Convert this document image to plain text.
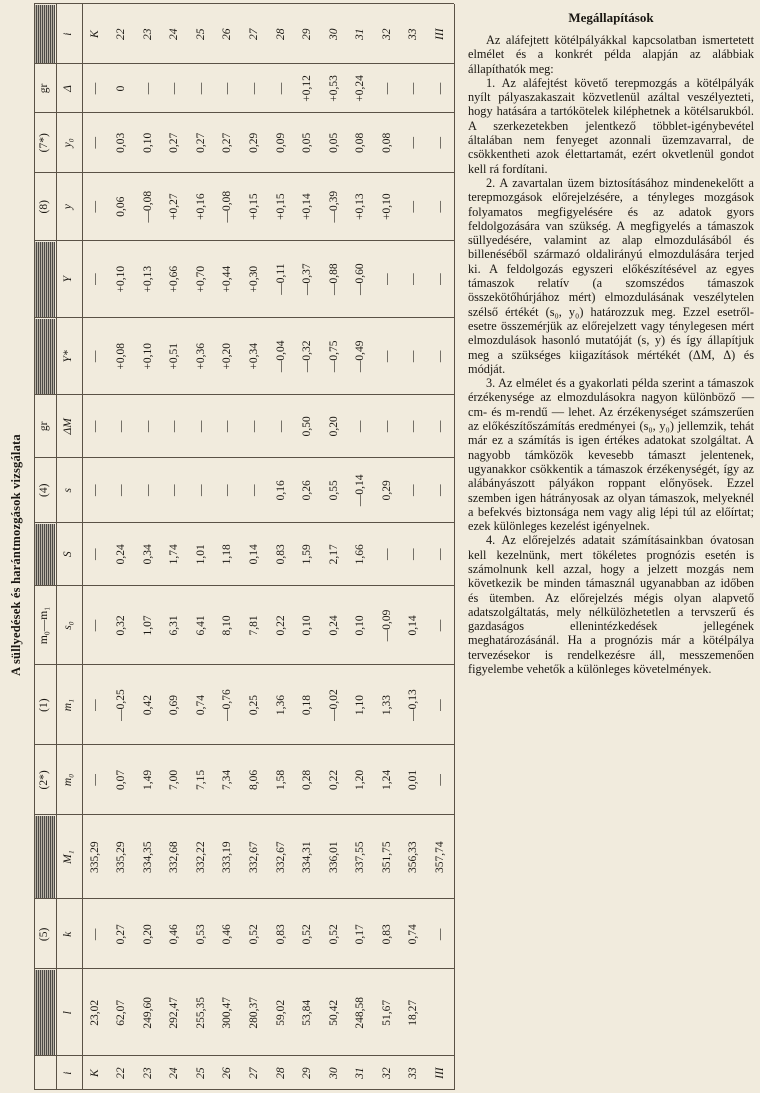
A süllyedések és harántmozgások vizsgálata
(5)
(2*)
(1)
m₀—m₁
(4)
gr
(8)
(7*)
gr
i
l
k
M₁
m₀
m₁
s₀
S
s
ΔM
Y*
Y
y
y₀
Δ
i
K
23,02
—
335,29
—
—
—
—
—
—
—
—
—
—
—
K
22
62,07
0,27
335,29
0,07
—0,25
0,32
0,24
—
—
+0,08
+0,10
0,06
0,03
0
22
23
249,60
0,20
334,35
1,49
0,42
1,07
0,34
—
—
+0,10
+0,13
—0,08
0,10
—
23
24
292,47
0,46
332,68
7,00
0,69
6,31
1,74
—
—
+0,51
+0,66
+0,27
0,27
—
24
25
255,35
0,53
332,22
7,15
0,74
6,41
1,01
—
—
+0,36
+0,70
+0,16
0,27
—
25
26
300,47
0,46
333,19
7,34
—0,76
8,10
1,18
—
—
+0,20
+0,44
—0,08
0,27
—
26
27
280,37
0,52
332,67
8,06
0,25
7,81
0,14
—
—
+0,34
+0,30
+0,15
0,29
—
27
28
59,02
0,83
332,67
1,58
1,36
0,22
0,83
0,16
—
—0,04
—0,11
+0,15
0,09
—
28
29
53,84
0,52
334,31
0,28
0,18
0,10
1,59
0,26
0,50
—0,32
—0,37
+0,14
0,05
+0,12
29
30
50,42
0,52
336,01
0,22
—0,02
0,24
2,17
0,55
0,20
—0,75
—0,88
—0,39
0,05
+0,53
30
31
248,58
0,17
337,55
1,20
1,10
0,10
1,66
—0,14
—
—0,49
—0,60
+0,13
0,08
+0,24
31
32
51,67
0,83
351,75
1,24
1,33
—0,09
—
0,29
—
—
—
+0,10
0,08
—
32
33
18,27
0,74
356,33
0,01
—0,13
0,14
—
—
—
—
—
—
—
—
33
III
—
357,74
—
—
—
—
—
—
—
—
—
—
—
III
Megállapítások

Az aláfejtett kötélpályákkal kapcsolatban ismertetett elmélet és a konkrét példa alapján az alábbiak állapíthatók meg:

1. Az aláfejtést követő terepmozgás a kötélpályák nyílt pályaszakaszait közvetlenül azáltal veszélyezteti, hogy hatására a tartókötelek kiléphetnek a kötélsarukból. A szerkezetekben jelentkező többlet-igénybevétel általában nem fenyeget azonnali üzemzavarral, de csökkentheti azok élettartamát, ezért okvetlenül gondot kell rá fordítani.

2. A zavartalan üzem biztosításához mindenekelőtt a terepmozgások előrejelzésére, a tényleges mozgások folyamatos megfigyelésére és az adatok gyors feldolgozására van szükség. A megfigyelés a támaszok süllyedésére, valamint az alap elmozdulásából és billenéséből származó oldalirányú elmozdulására terjed ki. A feldolgozás egyszeri előkészítésével az egyes támaszok relatív (a szomszédos támaszok összekötőhúrjához mért) elmozdulásának veszélytelen szélső értékét (s₀, y₀) határozzuk meg. Ezzel esetről-esetre összemérjük az előrejelzett vagy ténylegesen mért elmozdulások hasonló mutatóját (s, y) és így állapítjuk meg a szükséges kiigazítások mértékét (ΔM, Δ) és módját.

3. Az elmélet és a gyakorlati példa szerint a támaszok érzékenysége az elmozdulásokra nagyon különböző — cm- és m-rendű — lehet. Az érzékenységet számszerűen az előkészítőszámítás eredményei (s₀, y₀) jellemzik, tehát már ez a számítás is igen értékes adatokat szolgáltat. A nagyobb támközök kevesebb támaszt jelentenek, ugyanakkor csökkentik a támaszok érzékenységét, így az alábányászott pályákon roppant előnyösek. Ezzel szemben igen hátrányosak az olyan támaszok, melyeknél a befekvés biztonsága nem vagy alig lépi túl az előírtat; ezek különleges kezelést igényelnek.

4. Az előrejelzés adatait számításainkban óvatosan kell kezelnünk, mert tökéletes prognózis esetén is számolnunk kell azzal, hogy a jelzett mozgás nem következik be minden támasznál ugyanabban az időben és ütemben. Az előrejelzés mégis olyan alapvető adatszolgáltatás, mely nélkülözhetetlen a tervszerű és gazdaságos ellenintézkedések jellegének meghatározásánál. Ha a prognózis már a kötélpálya tervezésekor is rendelkezésre áll, messzemenően figyelembe vehetők a különleges követelmények.
